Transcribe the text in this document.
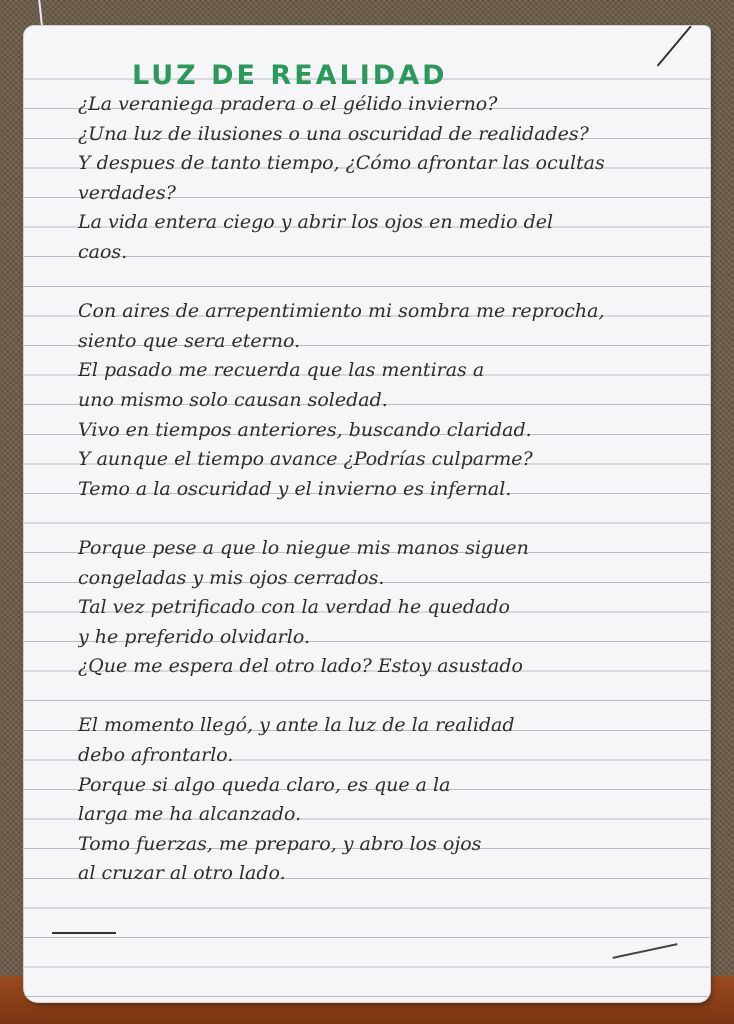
LUZ DE REALIDAD
¿La veraniega pradera o el gélido invierno?
¿Una luz de ilusiones o una oscuridad de realidades?
Y despues de tanto tiempo, ¿Cómo afrontar las ocultas
verdades?
La vida entera ciego y abrir los ojos en medio del
caos.
Con aires de arrepentimiento mi sombra me reprocha,
siento que sera eterno.
El pasado me recuerda que las mentiras a
uno mismo solo causan soledad.
Vivo en tiempos anteriores, buscando claridad.
Y aunque el tiempo avance ¿Podrías culparme?
Temo a la oscuridad y el invierno es infernal.
Porque pese a que lo niegue mis manos siguen
congeladas y mis ojos cerrados.
Tal vez petrificado con la verdad he quedado
y he preferido olvidarlo.
¿Que me espera del otro lado? Estoy asustado
El momento llegó, y ante la luz de la realidad
debo afrontarlo.
Porque si algo queda claro, es que a la
larga me ha alcanzado.
Tomo fuerzas, me preparo, y abro los ojos
al cruzar al otro lado.
